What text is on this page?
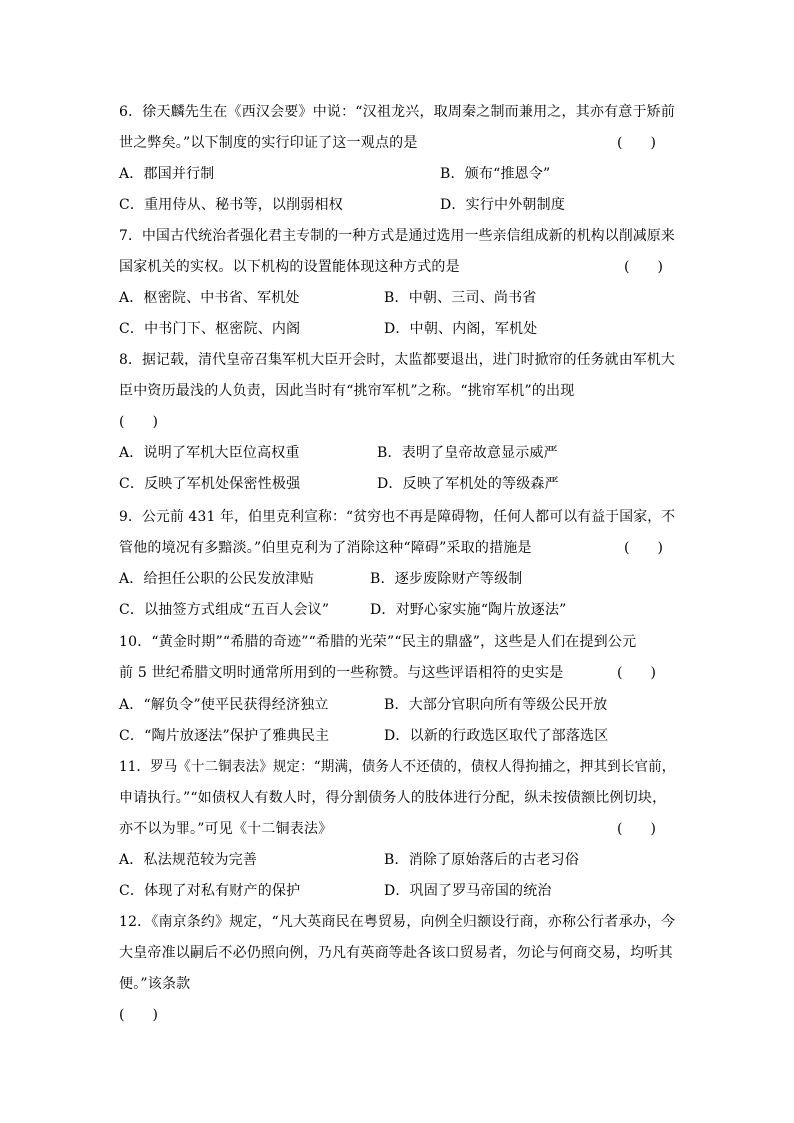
6．徐天麟先生在《西汉会要》中说：“汉祖龙兴，取周秦之制而兼用之，其亦有意于矫前
世之弊矣。”以下制度的实行印证了这一观点的是	(　　)
A．郡国并行制	B．颁布“推恩令”
C．重用侍从、秘书等，以削弱相权	D．实行中外朝制度
7．中国古代统治者强化君主专制的一种方式是通过选用一些亲信组成新的机构以削减原来
国家机关的实权。以下机构的设置能体现这种方式的是	(　　)
A．枢密院、中书省、军机处	B．中朝、三司、尚书省
C．中书门下、枢密院、内阁	D．中朝、内阁，军机处
8．据记载，清代皇帝召集军机大臣开会时，太监都要退出，进门时掀帘的任务就由军机大
臣中资历最浅的人负责，因此当时有“挑帘军机”之称。“挑帘军机”的出现
(　　)
A．说明了军机大臣位高权重	B．表明了皇帝故意显示威严
C．反映了军机处保密性极强	D．反映了军机处的等级森严
9．公元前 431 年，伯里克利宣称：“贫穷也不再是障碍物，任何人都可以有益于国家，不
管他的境况有多黯淡。”伯里克利为了消除这种“障碍”采取的措施是	(　　)
A．给担任公职的公民发放津贴	B．逐步废除财产等级制
C．以抽签方式组成“五百人会议”	D．对野心家实施“陶片放逐法”
10．“黄金时期”“希腊的奇迹”“希腊的光荣”“民主的鼎盛”，这些是人们在提到公元
前 5 世纪希腊文明时通常所用到的一些称赞。与这些评语相符的史实是	(　　)
A．“解负令”使平民获得经济独立	B．大部分官职向所有等级公民开放
C．“陶片放逐法”保护了雅典民主	D．以新的行政选区取代了部落选区
11．罗马《十二铜表法》规定：“期满，债务人不还债的，债权人得拘捕之，押其到长官前，
申请执行。”“如债权人有数人时，得分割债务人的肢体进行分配，纵未按债额比例切块，
亦不以为罪。”可见《十二铜表法》	(　　)
A．私法规范较为完善	B．消除了原始落后的古老习俗
C．体现了对私有财产的保护	D．巩固了罗马帝国的统治
12．《南京条约》规定，“凡大英商民在粤贸易，向例全归额设行商，亦称公行者承办，今
大皇帝准以嗣后不必仍照向例，乃凡有英商等赴各该口贸易者，勿论与何商交易，均听其
便。”该条款
(　　)
